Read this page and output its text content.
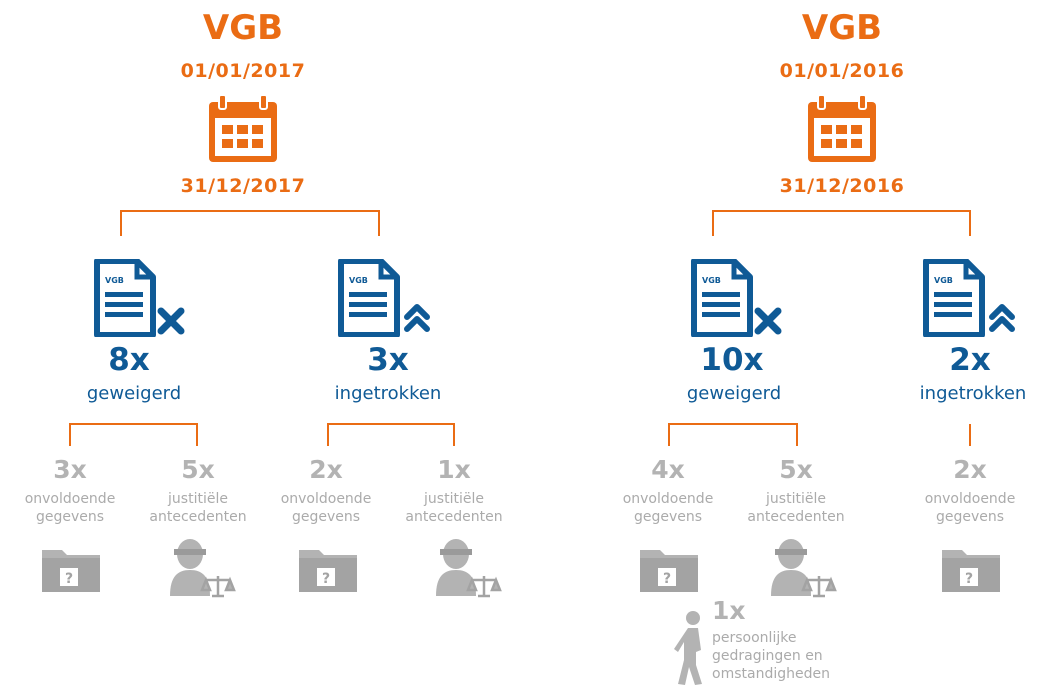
VGB
01/01/2017
31/12/2017
VGB
8x
geweigerd
VGB
3x
ingetrokken
3x
onvoldoende
gegevens
5x
justitiële
antecedenten
2x
onvoldoende
gegevens
1x
justitiële
antecedenten
VGB
01/01/2016
31/12/2016
VGB
10x
geweigerd
VGB
2x
ingetrokken
4x
onvoldoende
gegevens
5x
justitiële
antecedenten
2x
onvoldoende
gegevens
?	?	?	?
1x
persoonlijke
gedragingen en
omstandigheden
